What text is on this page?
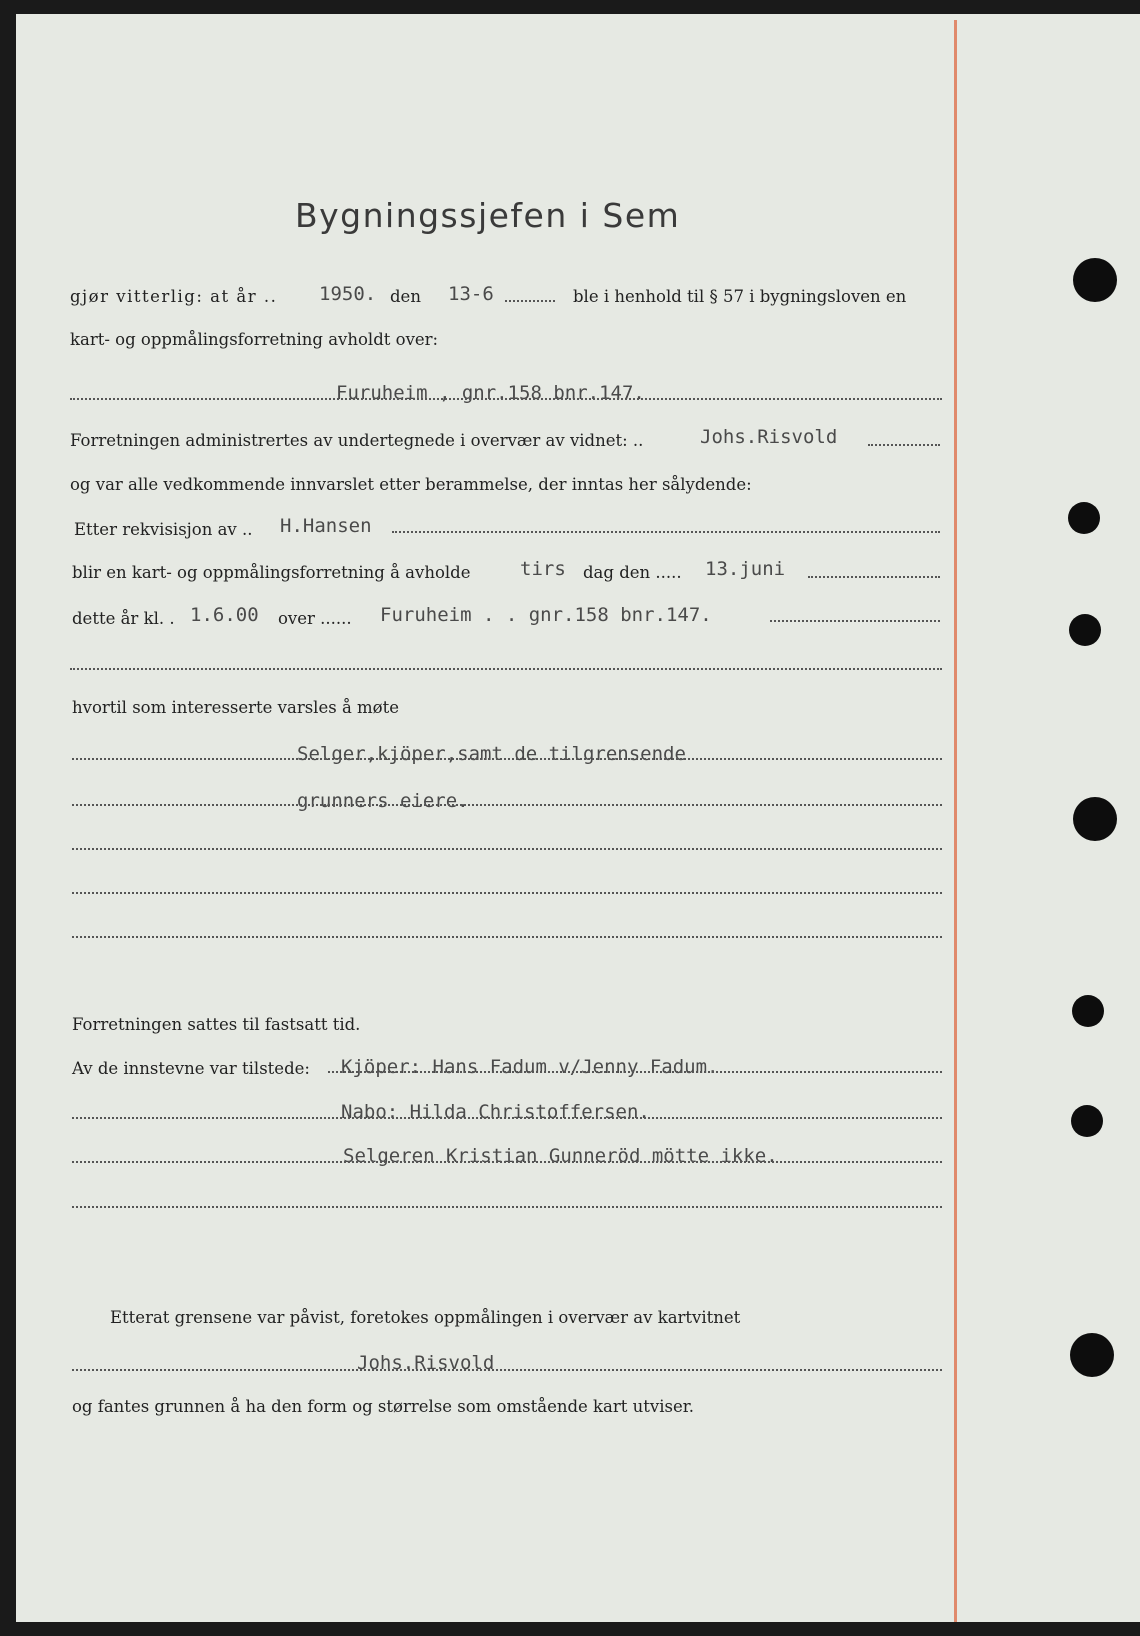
Bygningssjefen i Sem
gjør vitterlig: at år .. 1950. den 13-6	ble i henhold til § 57 i bygningsloven en
kart- og oppmålingsforretning avholdt over:
Furuheim , gnr.158 bnr.147.
Forretningen administrertes av undertegnede i overvær av vidnet: ..	Johs.Risvold
og var alle vedkommende innvarslet etter berammelse, der inntas her sålydende:
Etter rekvisisjon av .. H.Hansen
blir en kart- og oppmålingsforretning å avholde	tirs dag den ..... 13.juni
dette år kl. . 1.6.00 over ...... Furuheim . . gnr.158 bnr.147.
hvortil som interesserte varsles å møte
Selger,kjöper,samt de tilgrensende
grunners eiere.
Forretningen sattes til fastsatt tid.
Av de innstevne var tilstede: Kjöper: Hans Fadum v/Jenny Fadum.
Nabo: Hilda Christoffersen.
Selgeren Kristian Gunneröd mötte ikke.
Etterat grensene var påvist, foretokes oppmålingen i overvær av kartvitnet
Johs.Risvold
og fantes grunnen å ha den form og størrelse som omstående kart utviser.
